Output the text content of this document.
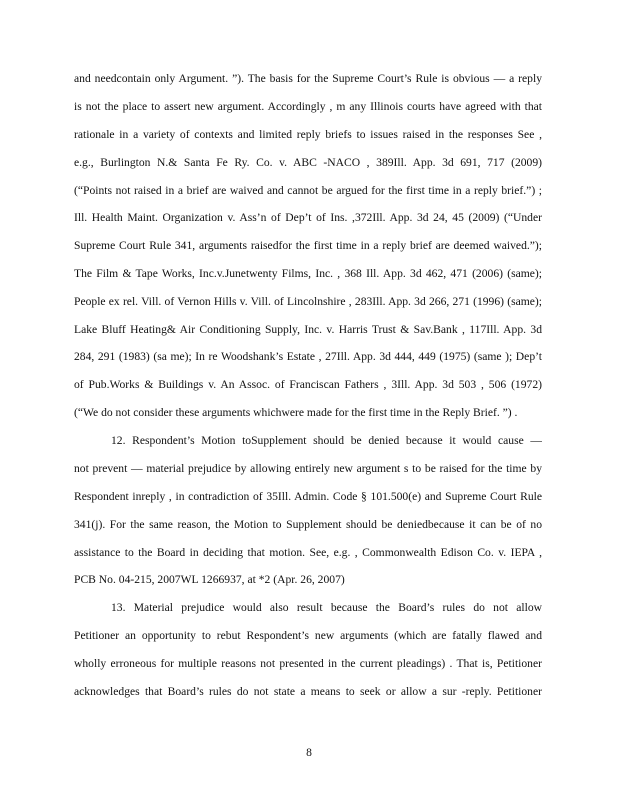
and needcontain only Argument. ”). The basis for the Supreme Court’s Rule is obvious — a reply
is not the place to assert new argument. Accordingly , m any Illinois courts have agreed with that
rationale in a variety of contexts and limited reply briefs to issues raised in the responses See ,
e.g., Burlington N.& Santa Fe Ry. Co. v. ABC -NACO , 389Ill. App. 3d 691, 717 (2009)
(“Points not raised in a brief are waived and cannot be argued for the first time in a reply brief.”) ;
Ill. Health Maint. Organization v. Ass’n of Dep’t of Ins. ,372Ill. App. 3d 24, 45 (2009) (“Under
Supreme Court Rule 341, arguments raisedfor the first time in a reply brief are deemed waived.”);
The Film & Tape Works, Inc.v.Junetwenty Films, Inc. , 368 Ill. App. 3d 462, 471 (2006) (same);
People ex rel. Vill. of Vernon Hills v. Vill. of Lincolnshire , 283Ill. App. 3d 266, 271 (1996) (same);
Lake Bluff Heating& Air Conditioning Supply, Inc. v. Harris Trust & Sav.Bank , 117Ill. App. 3d
284, 291 (1983) (sa me); In re Woodshank’s Estate , 27Ill. App. 3d 444, 449 (1975) (same ); Dep’t
of Pub.Works & Buildings v. An Assoc. of Franciscan Fathers , 3Ill. App. 3d 503 , 506 (1972)
(“We do not consider these arguments whichwere made for the first time in the Reply Brief. ”) .
12. Respondent’s Motion toSupplement should be denied because it would cause —
not prevent — material prejudice by allowing entirely new argument s to be raised for the time by
Respondent inreply , in contradiction of 35Ill. Admin. Code § 101.500(e) and Supreme Court Rule
341(j). For the same reason, the Motion to Supplement should be deniedbecause it can be of no
assistance to the Board in deciding that motion. See, e.g. , Commonwealth Edison Co. v. IEPA ,
PCB No. 04-215, 2007WL 1266937, at *2 (Apr. 26, 2007)
13. Material prejudice would also result because the Board’s rules do not allow
Petitioner an opportunity to rebut Respondent’s new arguments (which are fatally flawed and
wholly erroneous for multiple reasons not presented in the current pleadings) . That is, Petitioner
acknowledges that Board’s rules do not state a means to seek or allow a sur -reply. Petitioner
8
